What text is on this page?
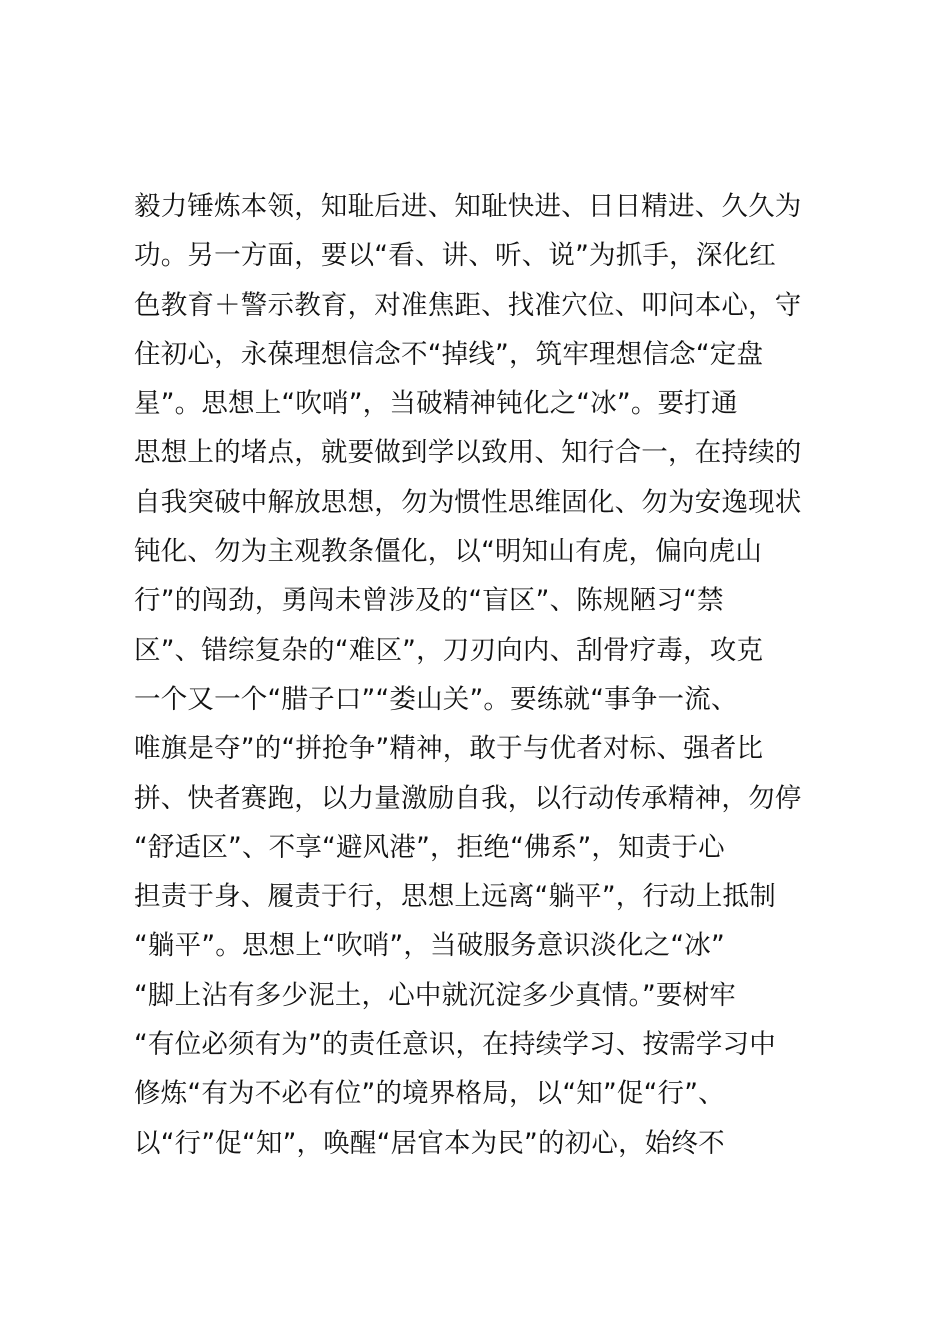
毅力锤炼本领，知耻后进、知耻快进、日日精进、久久为
功。另一方面，要以“看、讲、听、说”为抓手，深化红
色教育＋警示教育，对准焦距、找准穴位、叩问本心，守
住初心，永葆理想信念不“掉线”，筑牢理想信念“定盘
星”。思想上“吹哨”，当破精神钝化之“冰”。要打通
思想上的堵点，就要做到学以致用、知行合一，在持续的
自我突破中解放思想，勿为惯性思维固化、勿为安逸现状
钝化、勿为主观教条僵化，以“明知山有虎，偏向虎山
行”的闯劲，勇闯未曾涉及的“盲区”、陈规陋习“禁
区”、错综复杂的“难区”，刀刃向内、刮骨疗毒，攻克
一个又一个“腊子口”“娄山关”。要练就“事争一流、
唯旗是夺”的“拼抢争”精神，敢于与优者对标、强者比
拼、快者赛跑，以力量激励自我，以行动传承精神，勿停
“舒适区”、不享“避风港”，拒绝“佛系”，知责于心
担责于身、履责于行，思想上远离“躺平”，行动上抵制
“躺平”。思想上“吹哨”，当破服务意识淡化之“冰”
“脚上沾有多少泥土，心中就沉淀多少真情。”要树牢
“有位必须有为”的责任意识，在持续学习、按需学习中
修炼“有为不必有位”的境界格局，以“知”促“行”、
以“行”促“知”，唤醒“居官本为民”的初心，始终不
